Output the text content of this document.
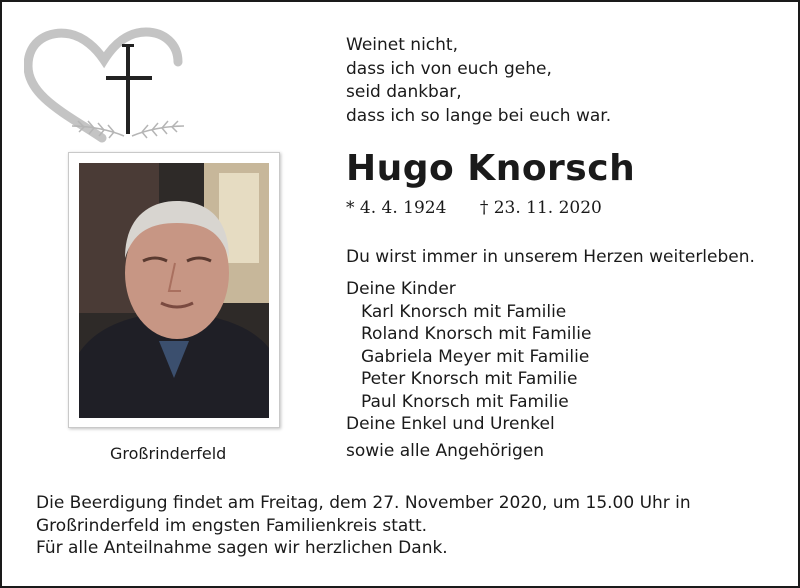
Großrinderfeld
Weinet nicht,
dass ich von euch gehe,
seid dankbar,
dass ich so lange bei euch war.
Hugo Knorsch
* 4. 4. 1924 † 23. 11. 2020
Du wirst immer in unserem Herzen weiterleben.
Deine Kinder
Karl Knorsch mit Familie
Roland Knorsch mit Familie
Gabriela Meyer mit Familie
Peter Knorsch mit Familie
Paul Knorsch mit Familie
Deine Enkel und Urenkel
sowie alle Angehörigen
Die Beerdigung findet am Freitag, dem 27. November 2020, um 15.00 Uhr in
Großrinderfeld im engsten Familienkreis statt.
Für alle Anteilnahme sagen wir herzlichen Dank.
